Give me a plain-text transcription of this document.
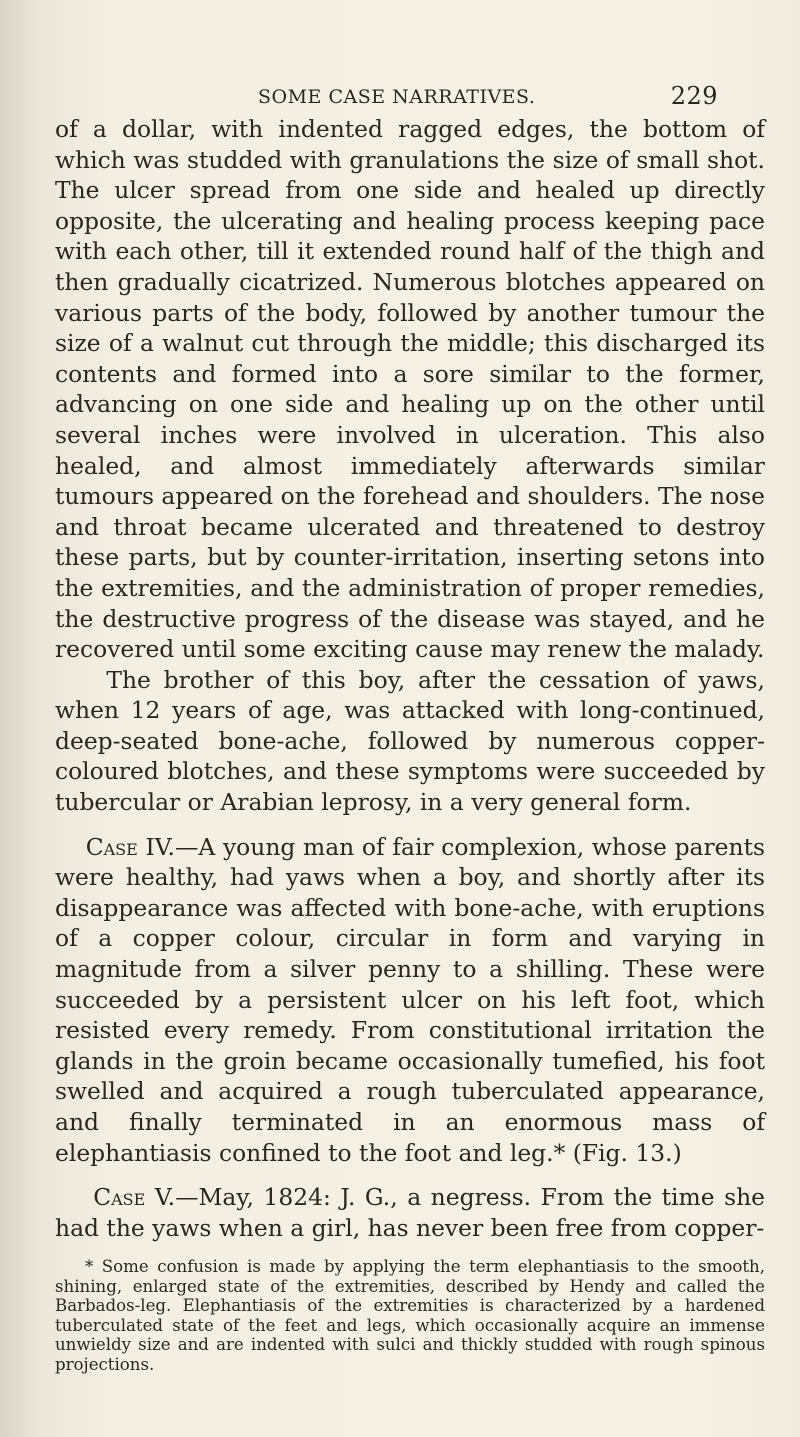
SOME CASE NARRATIVES.	229

of a dollar, with indented ragged edges, the bottom of which was studded with granulations the size of small shot. The ulcer spread from one side and healed up directly opposite, the ulcerating and healing process keeping pace with each other, till it extended round half of the thigh and then gradually cicatrized. Numerous blotches appeared on various parts of the body, followed by another tumour the size of a walnut cut through the middle; this discharged its contents and formed into a sore similar to the former, advancing on one side and healing up on the other until several inches were involved in ulceration. This also healed, and almost immediately afterwards similar tumours appeared on the forehead and shoulders. The nose and throat became ulcerated and threatened to destroy these parts, but by counter-irritation, inserting setons into the extremities, and the administration of proper remedies, the destructive progress of the disease was stayed, and he recovered until some exciting cause may renew the malady.

The brother of this boy, after the cessation of yaws, when 12 years of age, was attacked with long-continued, deep-seated bone-ache, followed by numerous copper-coloured blotches, and these symptoms were succeeded by tubercular or Arabian leprosy, in a very general form.

Case IV.—A young man of fair complexion, whose parents were healthy, had yaws when a boy, and shortly after its disappearance was affected with bone-ache, with eruptions of a copper colour, circular in form and varying in magnitude from a silver penny to a shilling. These were succeeded by a persistent ulcer on his left foot, which resisted every remedy. From constitutional irritation the glands in the groin became occasionally tumefied, his foot swelled and acquired a rough tuberculated appearance, and finally terminated in an enormous mass of elephantiasis confined to the foot and leg.* (Fig. 13.)

Case V.—May, 1824: J. G., a negress. From the time she had the yaws when a girl, has never been free from copper-

* Some confusion is made by applying the term elephantiasis to the smooth, shining, enlarged state of the extremities, described by Hendy and called the Barbados-leg. Elephantiasis of the extremities is characterized by a hardened tuberculated state of the feet and legs, which occasionally acquire an immense unwieldy size and are indented with sulci and thickly studded with rough spinous projections.
